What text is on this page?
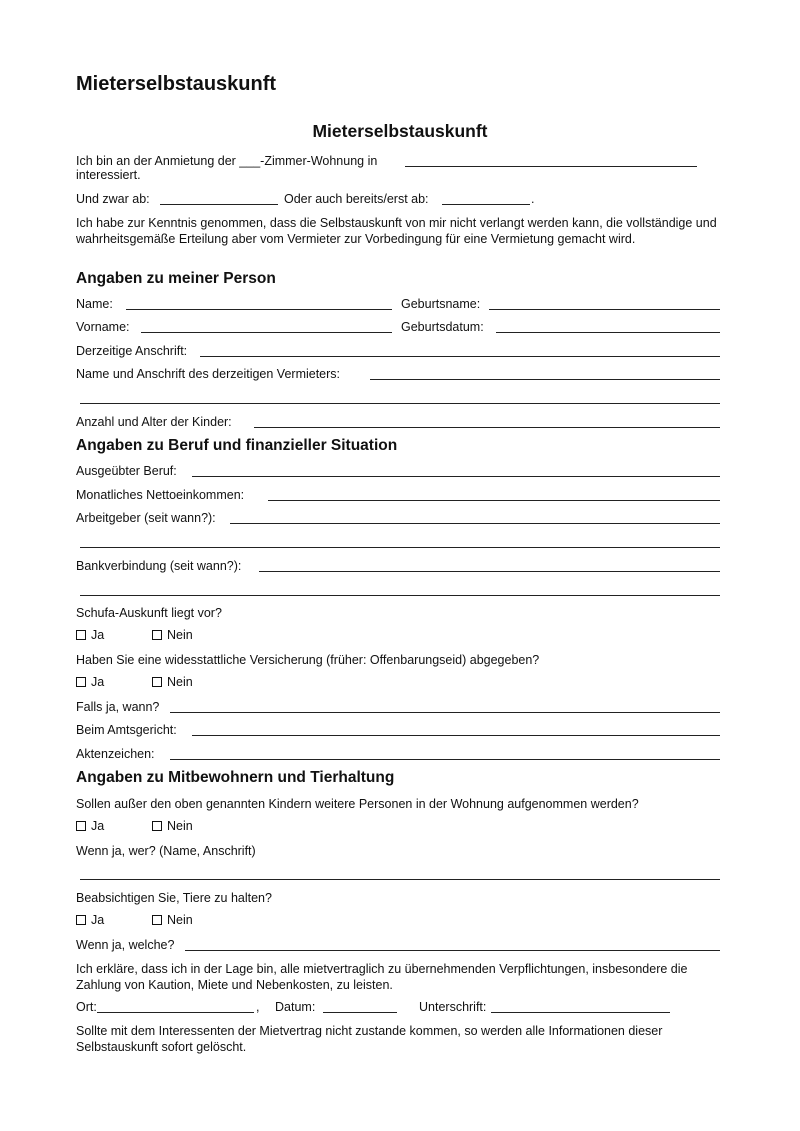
Mieterselbstauskunft
Mieterselbstauskunft
Ich bin an der Anmietung der ___-Zimmer-Wohnung in
interessiert.
Und zwar ab:	Oder auch bereits/erst ab:	.
Ich habe zur Kenntnis genommen, dass die Selbstauskunft von mir nicht verlangt werden kann, die vollständige und wahrheitsgemäße Erteilung aber vom Vermieter zur Vorbedingung für eine Vermietung gemacht wird.
Angaben zu meiner Person
Name:	Geburtsname:
Vorname:	Geburtsdatum:
Derzeitige Anschrift:
Name und Anschrift des derzeitigen Vermieters:
Anzahl und Alter der Kinder:
Angaben zu Beruf und finanzieller Situation
Ausgeübter Beruf:
Monatliches Nettoeinkommen:
Arbeitgeber (seit wann?):
Bankverbindung (seit wann?):
Schufa-Auskunft liegt vor?
Ja	Nein
Haben Sie eine widesstattliche Versicherung (früher: Offenbarungseid) abgegeben?
Ja	Nein
Falls ja, wann?
Beim Amtsgericht:
Aktenzeichen:
Angaben zu Mitbewohnern und Tierhaltung
Sollen außer den oben genannten Kindern weitere Personen in der Wohnung aufgenommen werden?
Ja	Nein
Wenn ja, wer? (Name, Anschrift)
Beabsichtigen Sie, Tiere zu halten?
Ja	Nein
Wenn ja, welche?
Ich erkläre, dass ich in der Lage bin, alle mietvertraglich zu übernehmenden Verpflichtungen, insbesondere die Zahlung von Kaution, Miete und Nebenkosten, zu leisten.
Ort:	, Datum:	Unterschrift:
Sollte mit dem Interessenten der Mietvertrag nicht zustande kommen, so werden alle Informationen dieser Selbstauskunft sofort gelöscht.
